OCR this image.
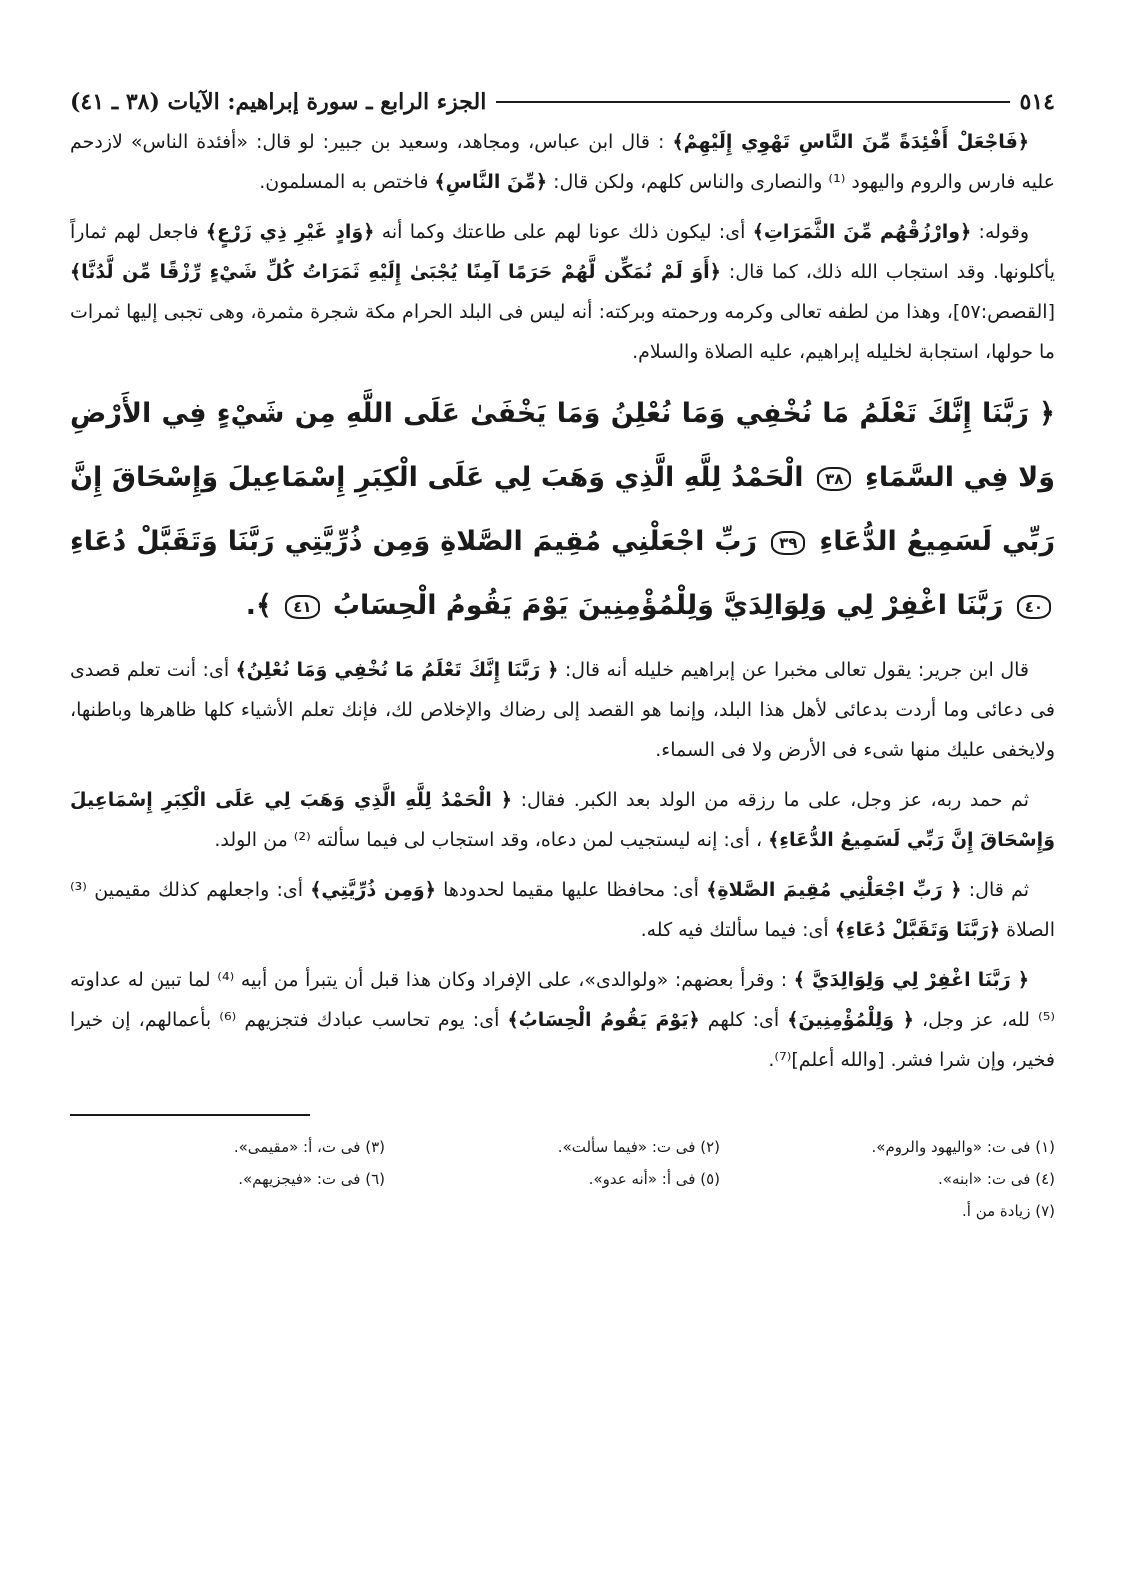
٥١٤
الجزء الرابع ـ سورة إبراهيم: الآيات (٣٨ ـ ٤١)

﴿فَاجْعَلْ أَفْئِدَةً مِّنَ النَّاسِ تَهْوِي إِلَيْهِمْ﴾ : قال ابن عباس، ومجاهد، وسعيد بن جبير: لو قال: «أفئدة الناس» لازدحم عليه فارس والروم واليهود ⁽¹⁾ والنصارى والناس كلهم، ولكن قال: ﴿مِّنَ النَّاسِ﴾ فاختص به المسلمون.

وقوله: ﴿وارْزُقْهُم مِّنَ الثَّمَرَاتِ﴾ أى: ليكون ذلك عونا لهم على طاعتك وكما أنه ﴿وَادٍ غَيْرِ ذِي زَرْعٍ﴾ فاجعل لهم ثماراً يأكلونها. وقد استجاب الله ذلك، كما قال: ﴿أَوَ لَمْ نُمَكِّن لَّهُمْ حَرَمًا آمِنًا يُجْبَىٰ إِلَيْهِ ثَمَرَاتُ كُلِّ شَيْءٍ رِّزْقًا مِّن لَّدُنَّا﴾ [القصص:٥٧]، وهذا من لطفه تعالى وكرمه ورحمته وبركته: أنه ليس فى البلد الحرام مكة شجرة مثمرة، وهى تجبى إليها ثمرات ما حولها، استجابة لخليله إبراهيم، عليه الصلاة والسلام.

﴿ رَبَّنَا إِنَّكَ تَعْلَمُ مَا نُخْفِي وَمَا نُعْلِنُ وَمَا يَخْفَىٰ عَلَى اللَّهِ مِن شَيْءٍ فِي الأَرْضِ وَلا فِي السَّمَاءِ ٣٨ الْحَمْدُ لِلَّهِ الَّذِي وَهَبَ لِي عَلَى الْكِبَرِ إِسْمَاعِيلَ وَإِسْحَاقَ إِنَّ رَبِّي لَسَمِيعُ الدُّعَاءِ ٣٩ رَبِّ اجْعَلْنِي مُقِيمَ الصَّلاةِ وَمِن ذُرِّيَّتِي رَبَّنَا وَتَقَبَّلْ دُعَاءِ ٤٠ رَبَّنَا اغْفِرْ لِي وَلِوَالِدَيَّ وَلِلْمُؤْمِنِينَ يَوْمَ يَقُومُ الْحِسَابُ ٤١ ﴾.

قال ابن جرير: يقول تعالى مخبرا عن إبراهيم خليله أنه قال: ﴿ رَبَّنَا إِنَّكَ تَعْلَمُ مَا نُخْفِي وَمَا نُعْلِنُ﴾ أى: أنت تعلم قصدى فى دعائى وما أردت بدعائى لأهل هذا البلد، وإنما هو القصد إلى رضاك والإخلاص لك، فإنك تعلم الأشياء كلها ظاهرها وباطنها، ولايخفى عليك منها شىء فى الأرض ولا فى السماء.

ثم حمد ربه، عز وجل، على ما رزقه من الولد بعد الكبر. فقال: ﴿ الْحَمْدُ لِلَّهِ الَّذِي وَهَبَ لِي عَلَى الْكِبَرِ إِسْمَاعِيلَ وَإِسْحَاقَ إِنَّ رَبِّي لَسَمِيعُ الدُّعَاءِ﴾ ، أى: إنه ليستجيب لمن دعاه، وقد استجاب لى فيما سألته ⁽²⁾ من الولد.

ثم قال: ﴿ رَبِّ اجْعَلْنِي مُقِيمَ الصَّلاةِ﴾ أى: محافظا عليها مقيما لحدودها ﴿وَمِن ذُرِّيَّتِي﴾ أى: واجعلهم كذلك مقيمين ⁽³⁾ الصلاة ﴿رَبَّنَا وَتَقَبَّلْ دُعَاءِ﴾ أى: فيما سألتك فيه كله.

﴿ رَبَّنَا اغْفِرْ لِي وَلِوَالِدَيَّ ﴾ : وقرأ بعضهم: «ولوالدى»، على الإفراد وكان هذا قبل أن يتبرأ من أبيه ⁽⁴⁾ لما تبين له عداوته ⁽⁵⁾ لله، عز وجل، ﴿ وَلِلْمُؤْمِنِينَ﴾ أى: كلهم ﴿يَوْمَ يَقُومُ الْحِسَابُ﴾ أى: يوم تحاسب عبادك فتجزيهم ⁽⁶⁾ بأعمالهم، إن خيرا فخير، وإن شرا فشر. [والله أعلم]⁽⁷⁾.

(١) فى ت: «واليهود والروم».
(٢) فى ت: «فيما سألت».
(٣) فى ت، أ: «مقيمى».
(٤) فى ت: «ابنه».
(٥) فى أ: «أنه عدو».
(٦) فى ت: «فيجزيهم».
(٧) زيادة من أ.
